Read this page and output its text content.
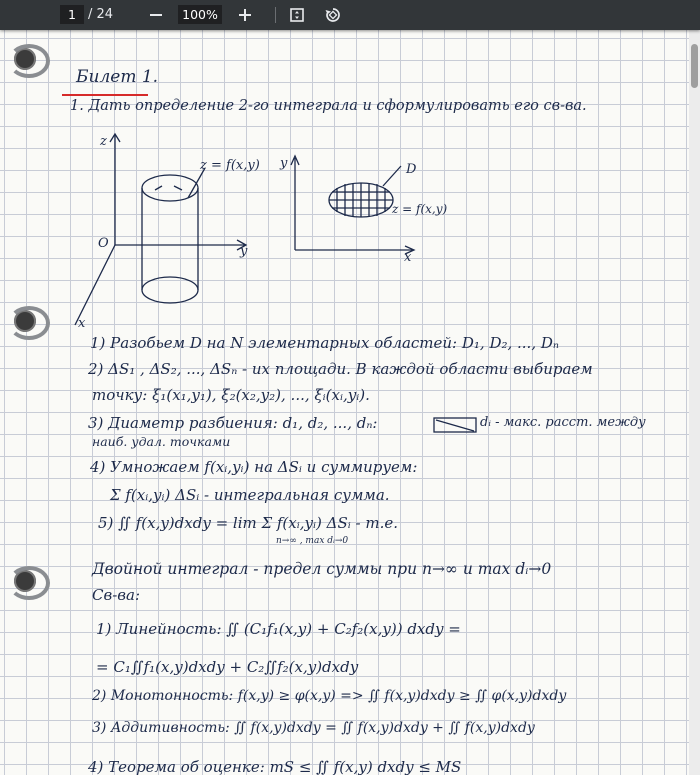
1
/ 24
100%
Билет 1.
1. Дать определение 2-го интеграла и сформулировать его св-ва.
z
O
y
x
z = f(x,y) y
x
D
z = f(x,y)
1) Разобьем D на N элементарных областей: D₁, D₂, ..., Dₙ
2) ΔS₁ , ΔS₂, ..., ΔSₙ - их площади. В каждой области выбираем
точку: ξ₁(x₁,y₁), ξ₂(x₂,y₂), ..., ξᵢ(xᵢ,yᵢ).
3) Диаметр разбиения: d₁, d₂, ..., dₙ:	dᵢ - макс. расст. между
наиб. удал. точками
4) Умножаем f(xᵢ,yᵢ) на ΔSᵢ и суммируем:
Σ f(xᵢ,yᵢ) ΔSᵢ - интегральная сумма.
5) ∬ f(x,y)dxdy = lim Σ f(xᵢ,yᵢ) ΔSᵢ - т.е.
n→∞ , max dᵢ→0
Двойной интеграл - предел суммы при n→∞ и max dᵢ→0
Св-ва:
1) Линейность: ∬ (C₁f₁(x,y) + C₂f₂(x,y)) dxdy =
= C₁∬f₁(x,y)dxdy + C₂∬f₂(x,y)dxdy
2) Монотонность: f(x,y) ≥ φ(x,y) => ∬ f(x,y)dxdy ≥ ∬ φ(x,y)dxdy
3) Аддитивность: ∬ f(x,y)dxdy = ∬ f(x,y)dxdy + ∬ f(x,y)dxdy
4) Теорема об оценке: mS ≤ ∬ f(x,y) dxdy ≤ MS
